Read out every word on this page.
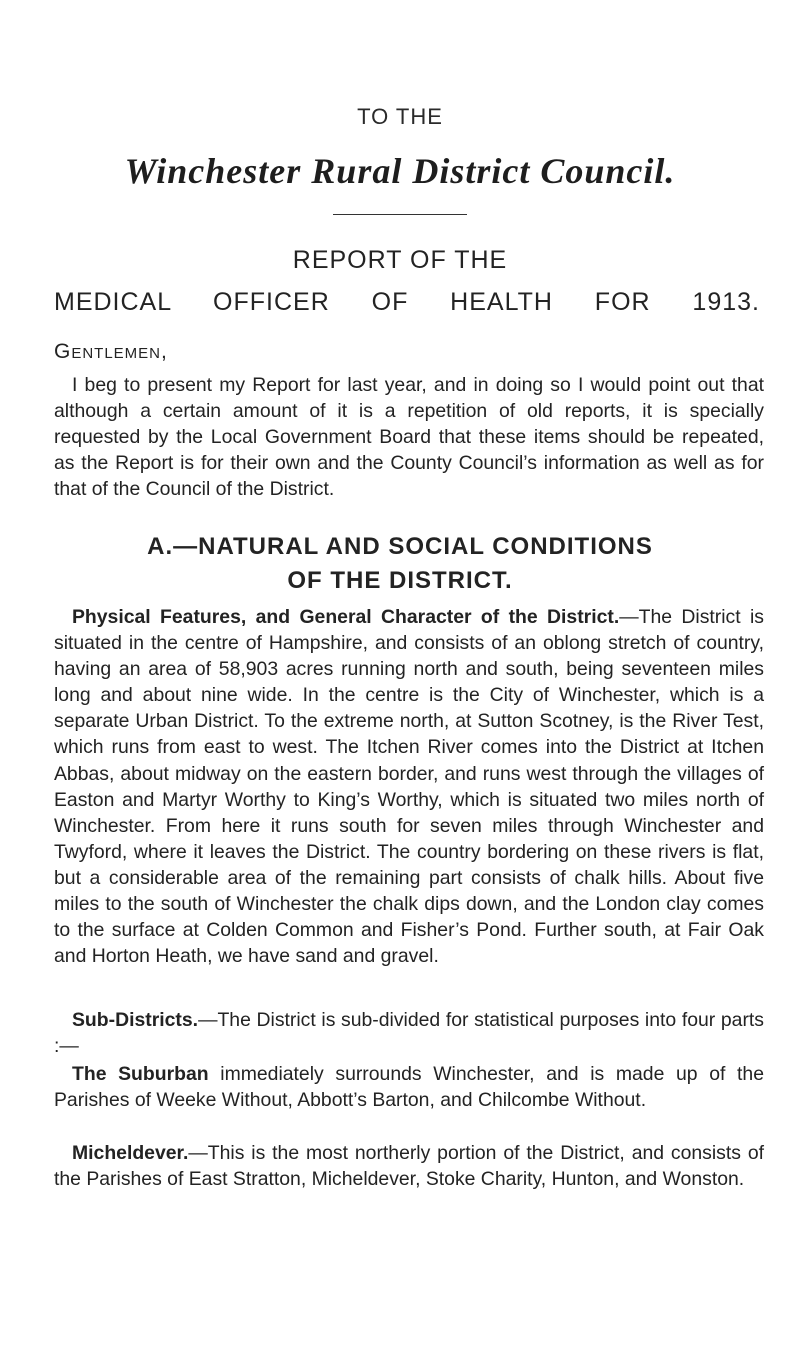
TO THE
Winchester Rural District Council.
REPORT OF THE
MEDICAL OFFICER OF HEALTH FOR 1913.
Gentlemen,

I beg to present my Report for last year, and in doing so I would point out that although a certain amount of it is a repetition of old reports, it is specially requested by the Local Government Board that these items should be repeated, as the Report is for their own and the County Council’s information as well as for that of the Council of the District.

A.—NATURAL AND SOCIAL CONDITIONS
OF THE DISTRICT.

Physical Features, and General Character of the District.—The District is situated in the centre of Hampshire, and consists of an oblong stretch of country, having an area of 58,903 acres running north and south, being seventeen miles long and about nine wide. In the centre is the City of Winchester, which is a separate Urban District. To the extreme north, at Sutton Scotney, is the River Test, which runs from east to west. The Itchen River comes into the District at Itchen Abbas, about midway on the eastern border, and runs west through the villages of Easton and Martyr Worthy to King’s Worthy, which is situated two miles north of Winchester. From here it runs south for seven miles through Winchester and Twyford, where it leaves the District. The country bordering on these rivers is flat, but a considerable area of the remaining part consists of chalk hills. About five miles to the south of Winchester the chalk dips down, and the London clay comes to the surface at Colden Common and Fisher’s Pond. Further south, at Fair Oak and Horton Heath, we have sand and gravel.

Sub-Districts.—The District is sub-divided for statistical purposes into four parts :—

The Suburban immediately surrounds Winchester, and is made up of the Parishes of Weeke Without, Abbott’s Barton, and Chilcombe Without.

Micheldever.—This is the most northerly portion of the District, and consists of the Parishes of East Stratton, Micheldever, Stoke Charity, Hunton, and Wonston.
